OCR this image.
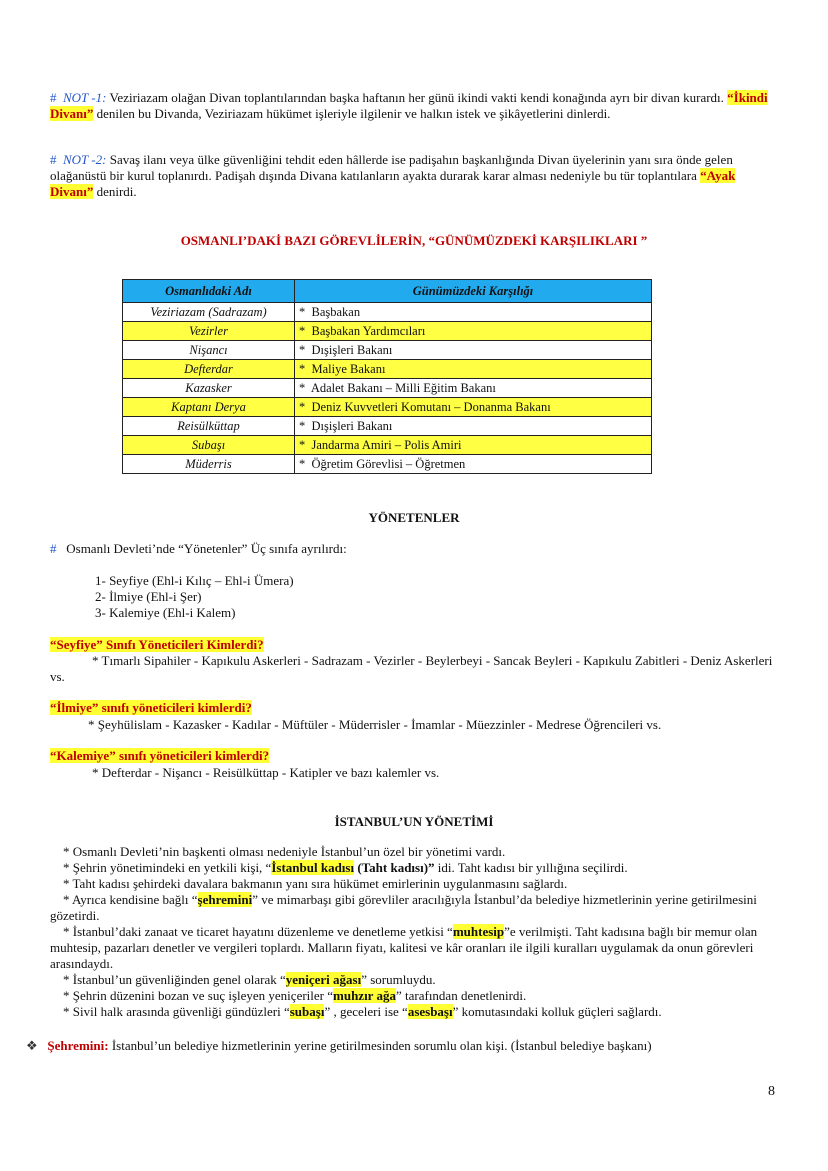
# NOT -1: Veziriazam olağan Divan toplantılarından başka haftanın her günü ikindi vakti kendi konağında ayrı bir divan kurardı. “İkindi Divanı” denilen bu Divanda, Veziriazam hükümet işleriyle ilgilenir ve halkın istek ve şikâyetlerini dinlerdi.
# NOT -2: Savaş ilanı veya ülke güvenliğini tehdit eden hâllerde ise padişahın başkanlığında Divan üyelerinin yanı sıra önde gelen olağanüstü bir kurul toplanırdı. Padişah dışında Divana katılanların ayakta durarak karar alması nedeniyle bu tür toplantılara “Ayak Divanı” denirdi.
OSMANLI’DAKİ BAZI GÖREVLİLERİN, “GÜNÜMÜZDEKİ KARŞILIKLARI ”
Osmanlıdaki Adı	Günümüzdeki Karşılığı
Veziriazam (Sadrazam)	*  Başbakan
Vezirler	*  Başbakan Yardımcıları
Nişancı	*  Dışişleri Bakanı
Defterdar	*  Maliye Bakanı
Kazasker	*  Adalet Bakanı – Milli Eğitim Bakanı
Kaptanı Derya	*  Deniz Kuvvetleri Komutanı – Donanma Bakanı
Reisülküttap	*  Dışişleri Bakanı
Subaşı	*  Jandarma Amiri – Polis Amiri
Müderris	*  Öğretim Görevlisi – Öğretmen
YÖNETENLER
# Osmanlı Devleti’nde “Yönetenler” Üç sınıfa ayrılırdı:
1- Seyfiye (Ehl-i Kılıç – Ehl-i Ümera)
2- İlmiye (Ehl-i Şer)
3- Kalemiye (Ehl-i Kalem)
“Seyfiye” Sınıfı Yöneticileri Kimlerdi?
* Tımarlı Sipahiler - Kapıkulu Askerleri - Sadrazam - Vezirler - Beylerbeyi - Sancak Beyleri - Kapıkulu Zabitleri - Deniz Askerleri vs.
“İlmiye” sınıfı yöneticileri kimlerdi?
* Şeyhülislam - Kazasker - Kadılar - Müftüler - Müderrisler - İmamlar - Müezzinler - Medrese Öğrencileri vs.
“Kalemiye” sınıfı yöneticileri kimlerdi?
* Defterdar - Nişancı - Reisülküttap - Katipler ve bazı kalemler vs.
İSTANBUL’UN YÖNETİMİ
* Osmanlı Devleti’nin başkenti olması nedeniyle İstanbul’un özel bir yönetimi vardı.
* Şehrin yönetimindeki en yetkili kişi, “İstanbul kadısı (Taht kadısı)” idi. Taht kadısı bir yıllığına seçilirdi.
* Taht kadısı şehirdeki davalara bakmanın yanı sıra hükümet emirlerinin uygulanmasını sağlardı.
* Ayrıca kendisine bağlı “şehremini” ve mimarbaşı gibi görevliler aracılığıyla İstanbul’da belediye hizmetlerinin yerine getirilmesini gözetirdi.
* İstanbul’daki zanaat ve ticaret hayatını düzenleme ve denetleme yetkisi “muhtesip”e verilmişti. Taht kadısına bağlı bir memur olan muhtesip, pazarları denetler ve vergileri toplardı. Malların fiyatı, kalitesi ve kâr oranları ile ilgili kuralları uygulamak da onun görevleri arasındaydı.
* İstanbul’un güvenliğinden genel olarak “yeniçeri ağası” sorumluydu.
* Şehrin düzenini bozan ve suç işleyen yeniçeriler “muhzır ağa” tarafından denetlenirdi.
* Sivil halk arasında güvenliği gündüzleri “subaşı” , geceleri ise “asesbaşı” komutasındaki kolluk güçleri sağlardı.
❖ Şehremini: İstanbul’un belediye hizmetlerinin yerine getirilmesinden sorumlu olan kişi. (İstanbul belediye başkanı)
8
